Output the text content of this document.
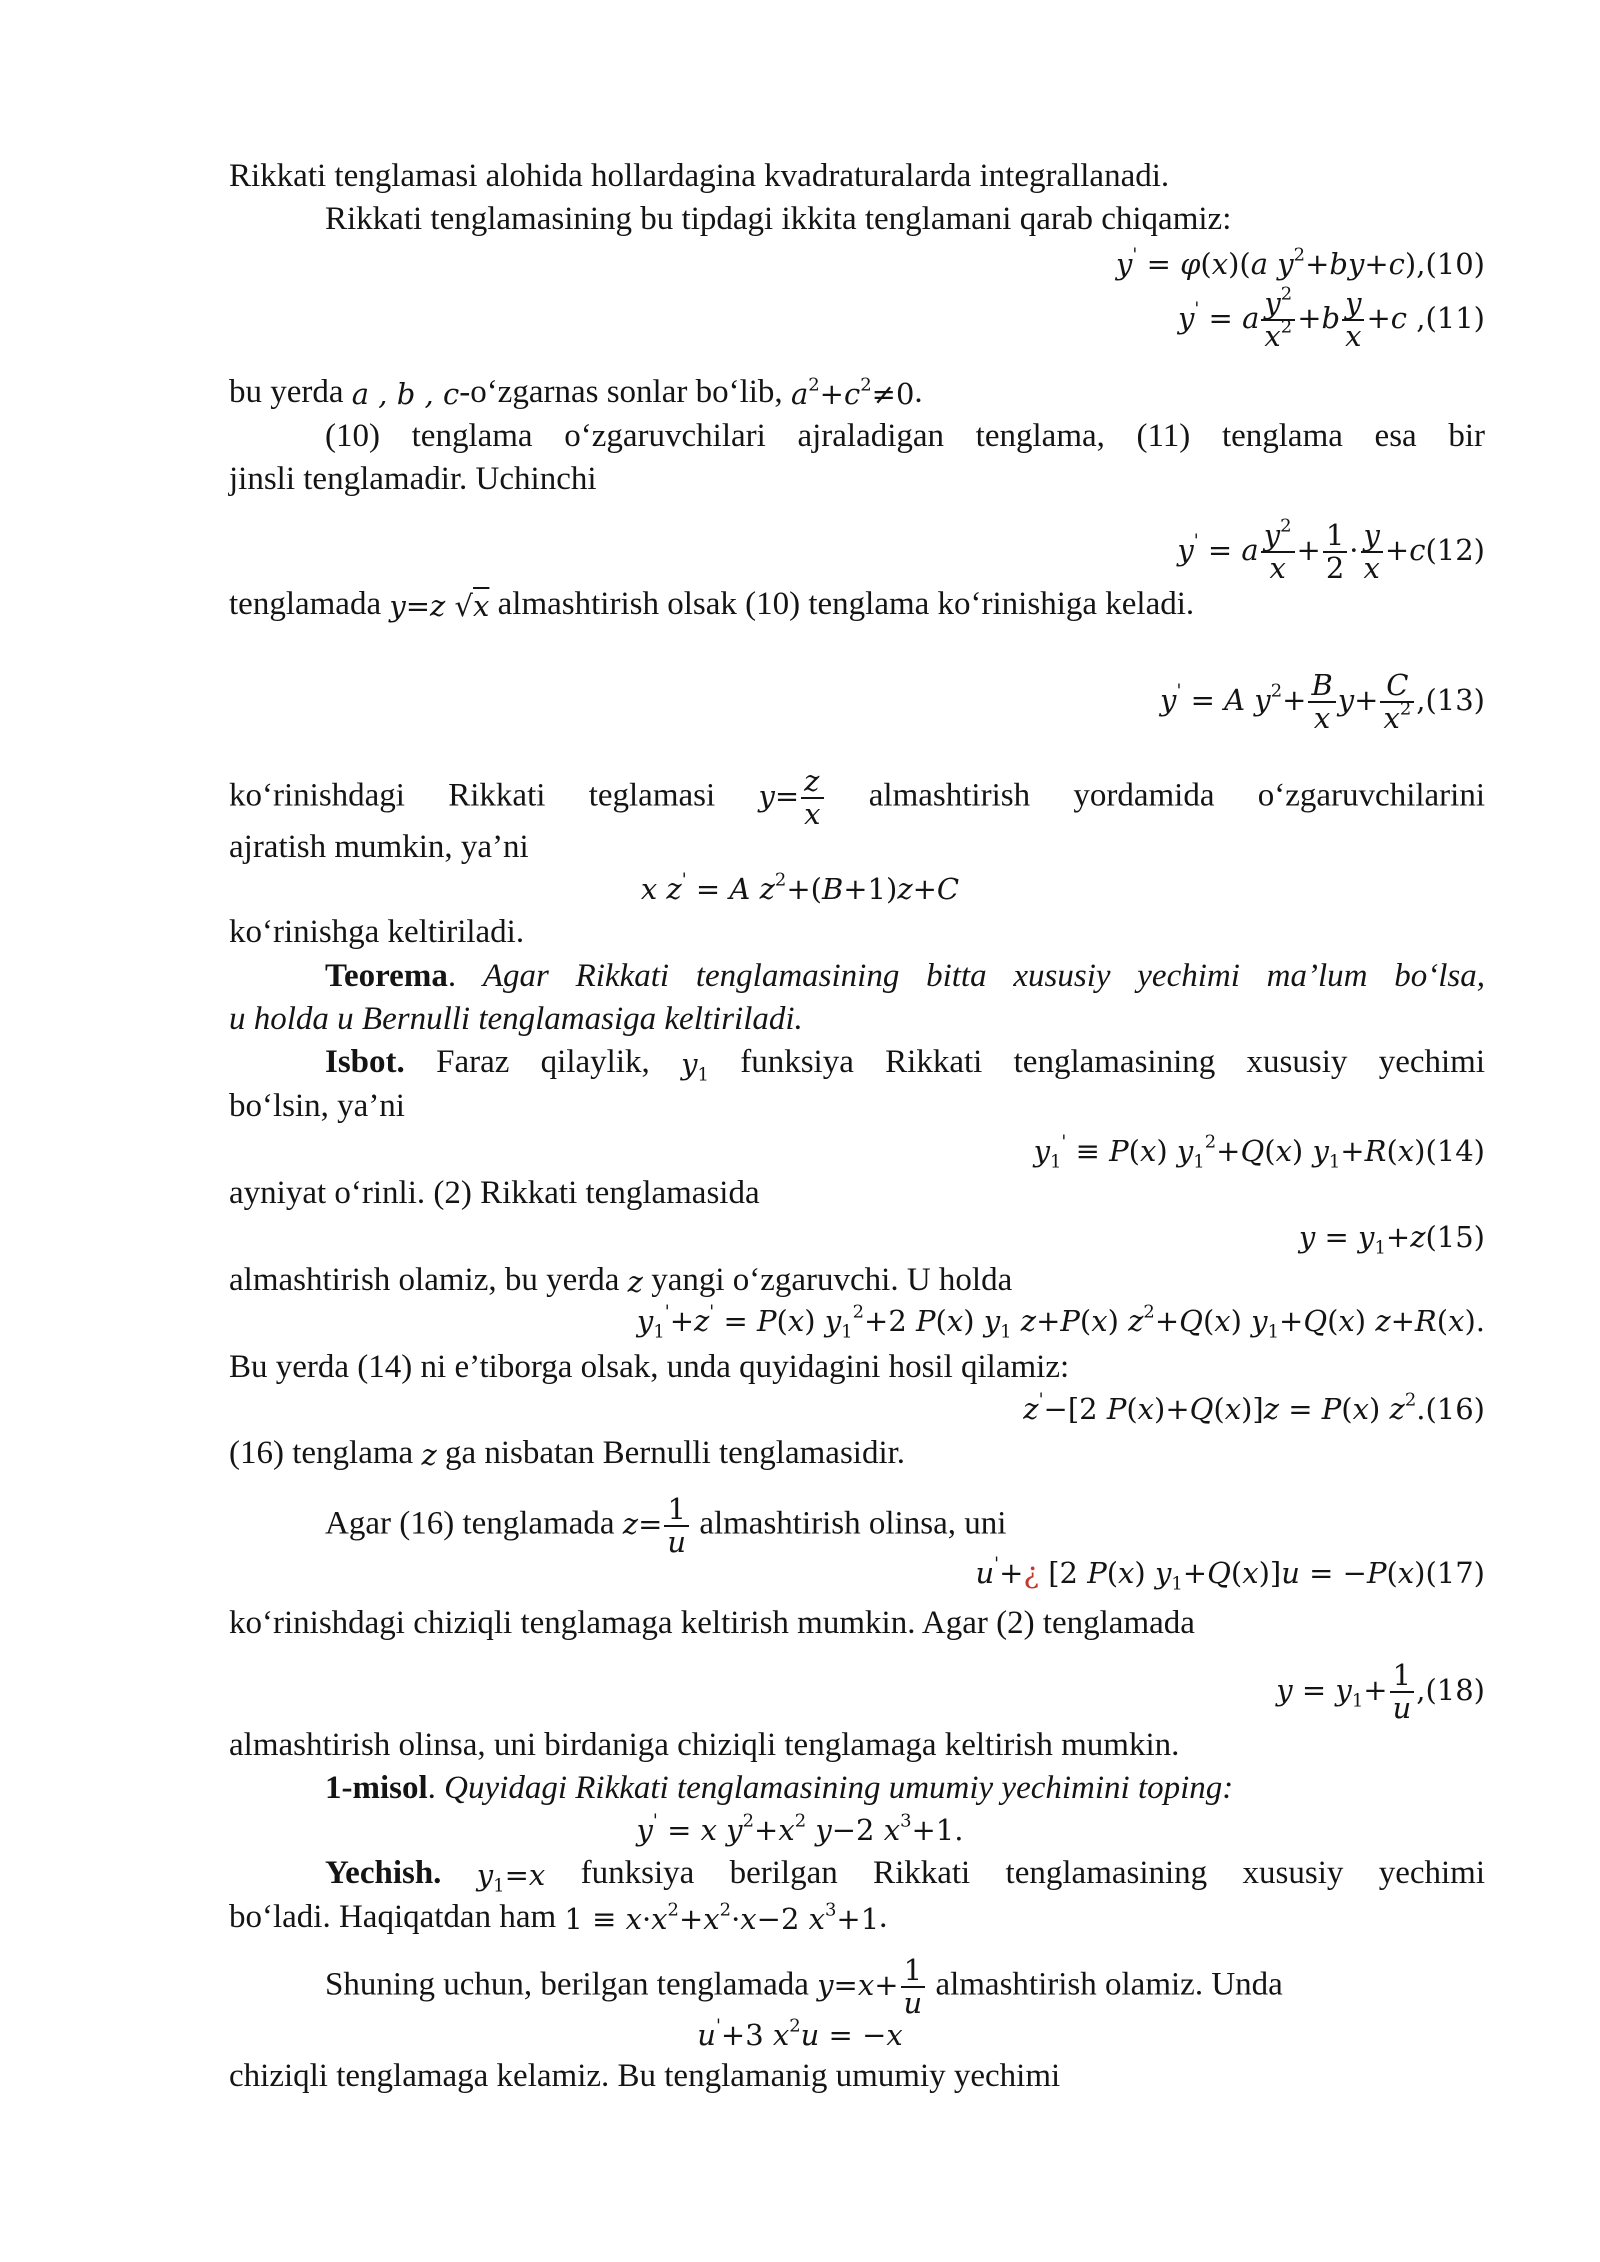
Rikkati tenglamasi alohida hollardagina kvadraturalarda integrallanadi.
Rikkati tenglamasining bu tipdagi ikkita tenglamani qarab chiqamiz:
y' = φ(x)(a $y^2+by+c),(10)$
y' = a $\frac{y^2}{x^2} +b \frac{y}{x} +c$ ,(11)
bu yerda a , b , c-o‘zgarnas sonlar bo‘lib, $a^2+c^2\ne 0$.
(10) tenglama o‘zgaruvchilari ajraladigan tenglama, (11) tenglama esa bir
jinsli tenglamadir. Uchinchi
y' = a $\frac{y^2}{x} + \frac{1}{2} \cdot \frac{y}{x} +c(12)$
tenglamada y=z √x almashtirish olsak (10) tenglama ko‘rinishiga keladi.
y' = A $y^2+ \frac{B}{x} y+ \frac{C}{x^2} ,(13)$
ko‘rinishdagi Rikkati teglamasi $y= \frac{z}{x}$ almashtirish yordamida o‘zgaruvchilarini
ajratish mumkin, ya’ni
x z' = A $z^2+(B+1)z+C$
ko‘rinishga keltiriladi.
Teorema. Agar Rikkati tenglamasining bitta xususiy yechimi ma’lum bo‘lsa,
u holda u Bernulli tenglamasiga keltiriladi.
Isbot. Faraz qilaylik, $y_1$ funksiya Rikkati tenglamasining xususiy yechimi
bo‘lsin, ya’ni
$y_1' \equiv P(x)$ $y_1^2+Q(x)$ $y_1+R(x)(14)$
ayniyat o‘rinli. (2) Rikkati tenglamasida
$y = y_1+z(15)$
almashtirish olamiz, bu yerda z yangi o‘zgaruvchi. U holda
$y_1'+z' = P(x)$ $y_1^2+2$ P(x) $y_1$ z+P(x) $z^2+Q(x)$ $y_1+Q(x)$ z+R(x).
Bu yerda (14) ni e’tiborga olsak, unda quyidagini hosil qilamiz:
z'−[2 P(x)+Q(x)]z = P(x) $z^2.(16)$
(16) tenglama z ga nisbatan Bernulli tenglamasidir.
Agar (16) tenglamada $z= \frac{1}{u}$ almashtirish olinsa, uni
u'+¿ [2 P(x) $y_1+Q(x)]u = -P(x)(17)$
ko‘rinishdagi chiziqli tenglamaga keltirish mumkin. Agar (2) tenglamada
$y = y_1+ \frac{1}{u} ,(18)$
almashtirish olinsa, uni birdaniga chiziqli tenglamaga keltirish mumkin.
1-misol. Quyidagi Rikkati tenglamasining umumiy yechimini toping:
y' = x $y^2+x^2$ y−2 $x^3+1$.
Yechish. $y_1=x$ funksiya berilgan Rikkati tenglamasining xususiy yechimi
bo‘ladi. Haqiqatdan ham $1 \equiv x\cdot x^2+x^2\cdot x-2$ $x^3+1$.
Shuning uchun, berilgan tenglamada $y=x+ \frac{1}{u}$ almashtirish olamiz. Unda
u'+3 $x^2u = -x$
chiziqli tenglamaga kelamiz. Bu tenglamanig umumiy yechimi
